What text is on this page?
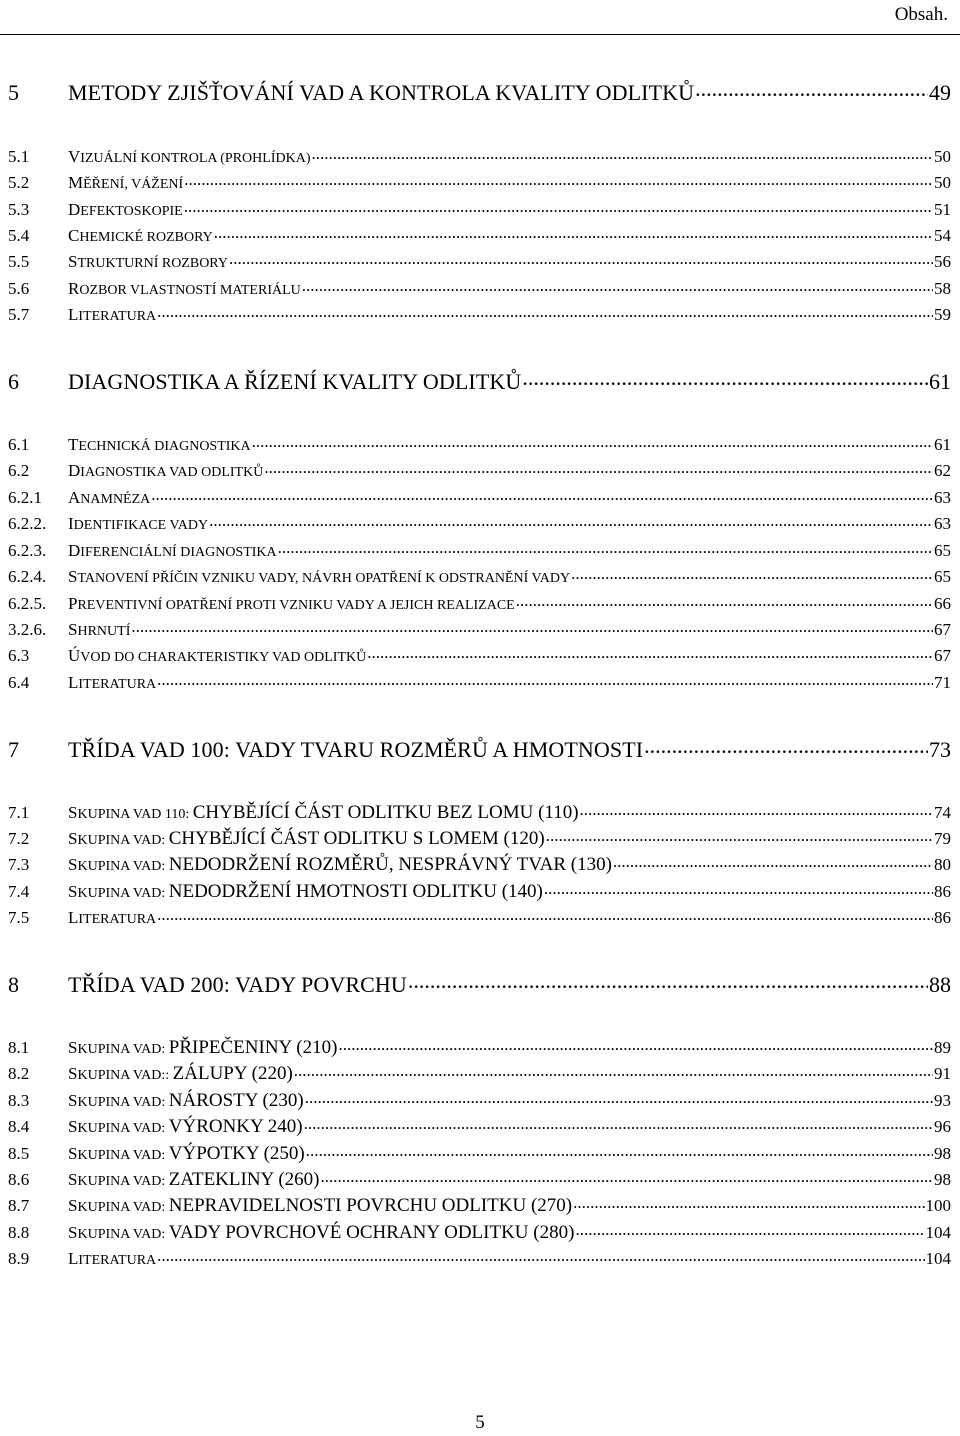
Obsah.
5	METODY ZJIŠŤOVÁNÍ VAD A KONTROLA KVALITY ODLITKŮ .....	49
5.1	VIZUÁLNÍ KONTROLA (PROHLÍDKA) .....	50
5.2	MĚŘENÍ, VÁŽENÍ .....	50
5.3	DEFEKTOSKOPIE .....	51
5.4	CHEMICKÉ ROZBORY .....	54
5.5	STRUKTURNÍ ROZBORY .....	56
5.6	ROZBOR VLASTNOSTÍ MATERIÁLU .....	58
5.7	LITERATURA .....	59
6	DIAGNOSTIKA A ŘÍZENÍ KVALITY ODLITKŮ .....	61
6.1	TECHNICKÁ DIAGNOSTIKA .....	61
6.2	DIAGNOSTIKA VAD ODLITKŮ .....	62
6.2.1	ANAMNÉZA .....	63
6.2.2.	IDENTIFIKACE VADY .....	63
6.2.3.	DIFERENCIÁLNÍ DIAGNOSTIKA .....	65
6.2.4.	STANOVENÍ PŘÍČIN VZNIKU VADY, NÁVRH OPATŘENÍ K ODSTRANĚNÍ VADY .....	65
6.2.5.	PREVENTIVNÍ OPATŘENÍ PROTI VZNIKU VADY A JEJICH REALIZACE .....	66
3.2.6.	SHRNUTÍ .....	67
6.3	ÚVOD DO CHARAKTERISTIKY VAD ODLITKŮ .....	67
6.4	LITERATURA .....	71
7	TŘÍDA VAD 100: VADY TVARU ROZMĚRŮ A HMOTNOSTI .....	73
7.1	SKUPINA VAD 110: CHYBĚJÍCÍ ČÁST ODLITKU BEZ LOMU (110) .....	74
7.2	SKUPINA VAD: CHYBĚJÍCÍ ČÁST ODLITKU S LOMEM (120) .....	79
7.3	SKUPINA VAD: NEDODRŽENÍ ROZMĚRŮ, NESPRÁVNÝ TVAR (130) .....	80
7.4	SKUPINA VAD: NEDODRŽENÍ HMOTNOSTI ODLITKU (140) .....	86
7.5	LITERATURA .....	86
8	TŘÍDA VAD 200: VADY POVRCHU .....	88
8.1	SKUPINA VAD: PŘIPEČENINY (210) .....	89
8.2	SKUPINA VAD:: ZÁLUPY (220) .....	91
8.3	SKUPINA VAD: NÁROSTY (230) .....	93
8.4	SKUPINA VAD: VÝRONKY 240) .....	96
8.5	SKUPINA VAD: VÝPOTKY (250) .....	98
8.6	SKUPINA VAD: ZATEKLINY (260) .....	98
8.7	SKUPINA VAD: NEPRAVIDELNOSTI POVRCHU ODLITKU (270) .....	100
8.8	SKUPINA VAD: VADY POVRCHOVÉ OCHRANY ODLITKU (280) .....	104
8.9	LITERATURA .....	104
5
